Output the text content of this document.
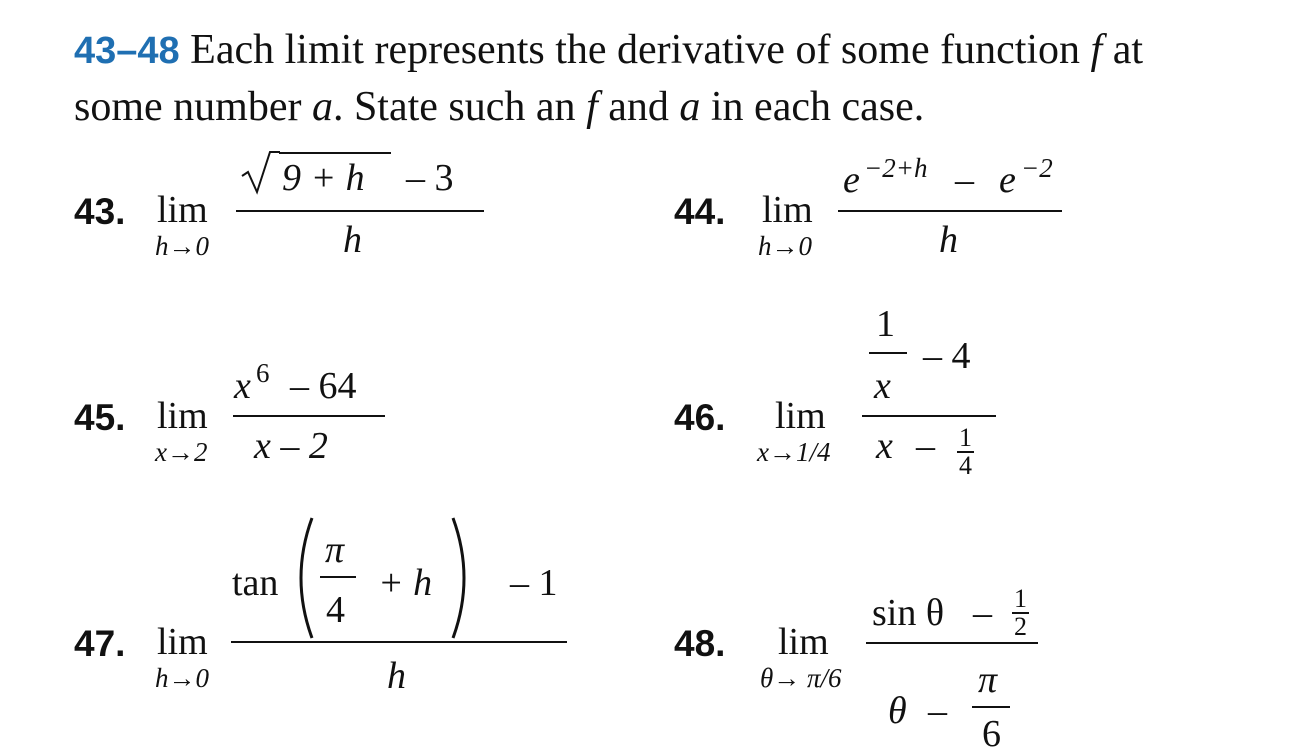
43–48 Each limit represents the derivative of some function f at
some number a. State such an f and a in each case.
43. lim
h→0
9 + h – 3
h
44. lim
h→0
e −2+h – e −2
h
45. lim
x→2
x 6 – 64
x – 2
46. lim
x→1/4
1
x
– 4
x – $\frac{1}{4}$
47. lim
h→0
tan
π
4
+ h – 1
h
48. lim
θ→ π/6
sin θ – $\frac{1}{2}$
θ –
π
6
